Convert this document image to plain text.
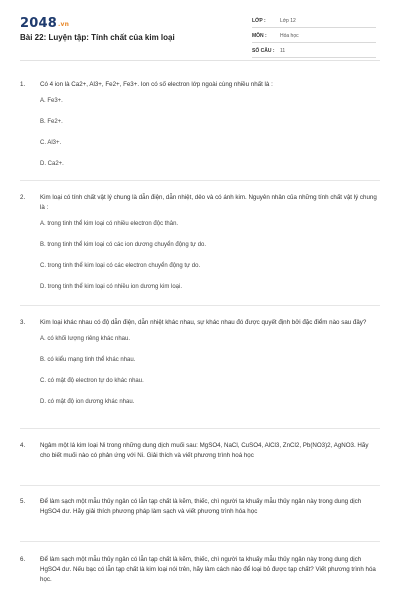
2048.vn
Bài 22: Luyện tập: Tính chất của kim loại
LỚP :	Lớp 12
MÔN :	Hóa học
SỐ CÂU :	11
1.	Có 4 ion là Ca2+, Al3+, Fe2+, Fe3+. Ion có số electron lớp ngoài cùng nhiều nhất là :
A. Fe3+.
B. Fe2+.
C. Al3+.
D. Ca2+.
2.	Kim loại có tính chất vật lý chung là dẫn điện, dẫn nhiệt, dẻo và có ánh kim. Nguyên nhân của những tính chất vật lý chung là :
A. trong tinh thể kim loại có nhiều electron độc thân.
B. trong tinh thể kim loại có các ion dương chuyển động tự do.
C. trong tinh thể kim loại có các electron chuyển động tự do.
D. trong tinh thể kim loại có nhiều ion dương kim loại.
3.	Kim loại khác nhau có độ dẫn điện, dẫn nhiệt khác nhau, sự khác nhau đó được quyết định bởi đặc điểm nào sau đây?
A. có khối lượng riêng khác nhau.
B. có kiểu mạng tinh thể khác nhau.
C. có mật độ electron tự do khác nhau.
D. có mật độ ion dương khác nhau.
4.	Ngâm một lá kim loại Ni trong những dung dịch muối sau: MgSO4, NaCl, CuSO4, AlCl3, ZnCl2, Pb(NO3)2, AgNO3. Hãy cho biết muối nào có phản ứng với Ni. Giải thích và viết phương trình hoá học
5.	Để làm sạch một mẫu thủy ngân có lẫn tạp chất là kẽm, thiếc, chì người ta khuấy mẫu thủy ngân này trong dung dịch HgSO4 dư. Hãy giải thích phương pháp làm sạch và viết phương trình hóa học
6.	Để làm sạch một mẫu thủy ngân có lẫn tạp chất là kẽm, thiếc, chì người ta khuấy mẫu thủy ngân này trong dung dịch HgSO4 dư. Nếu bạc có lẫn tạp chất là kim loại nói trên, hãy làm cách nào để loại bỏ được tạp chất? Viết phương trình hóa học.
